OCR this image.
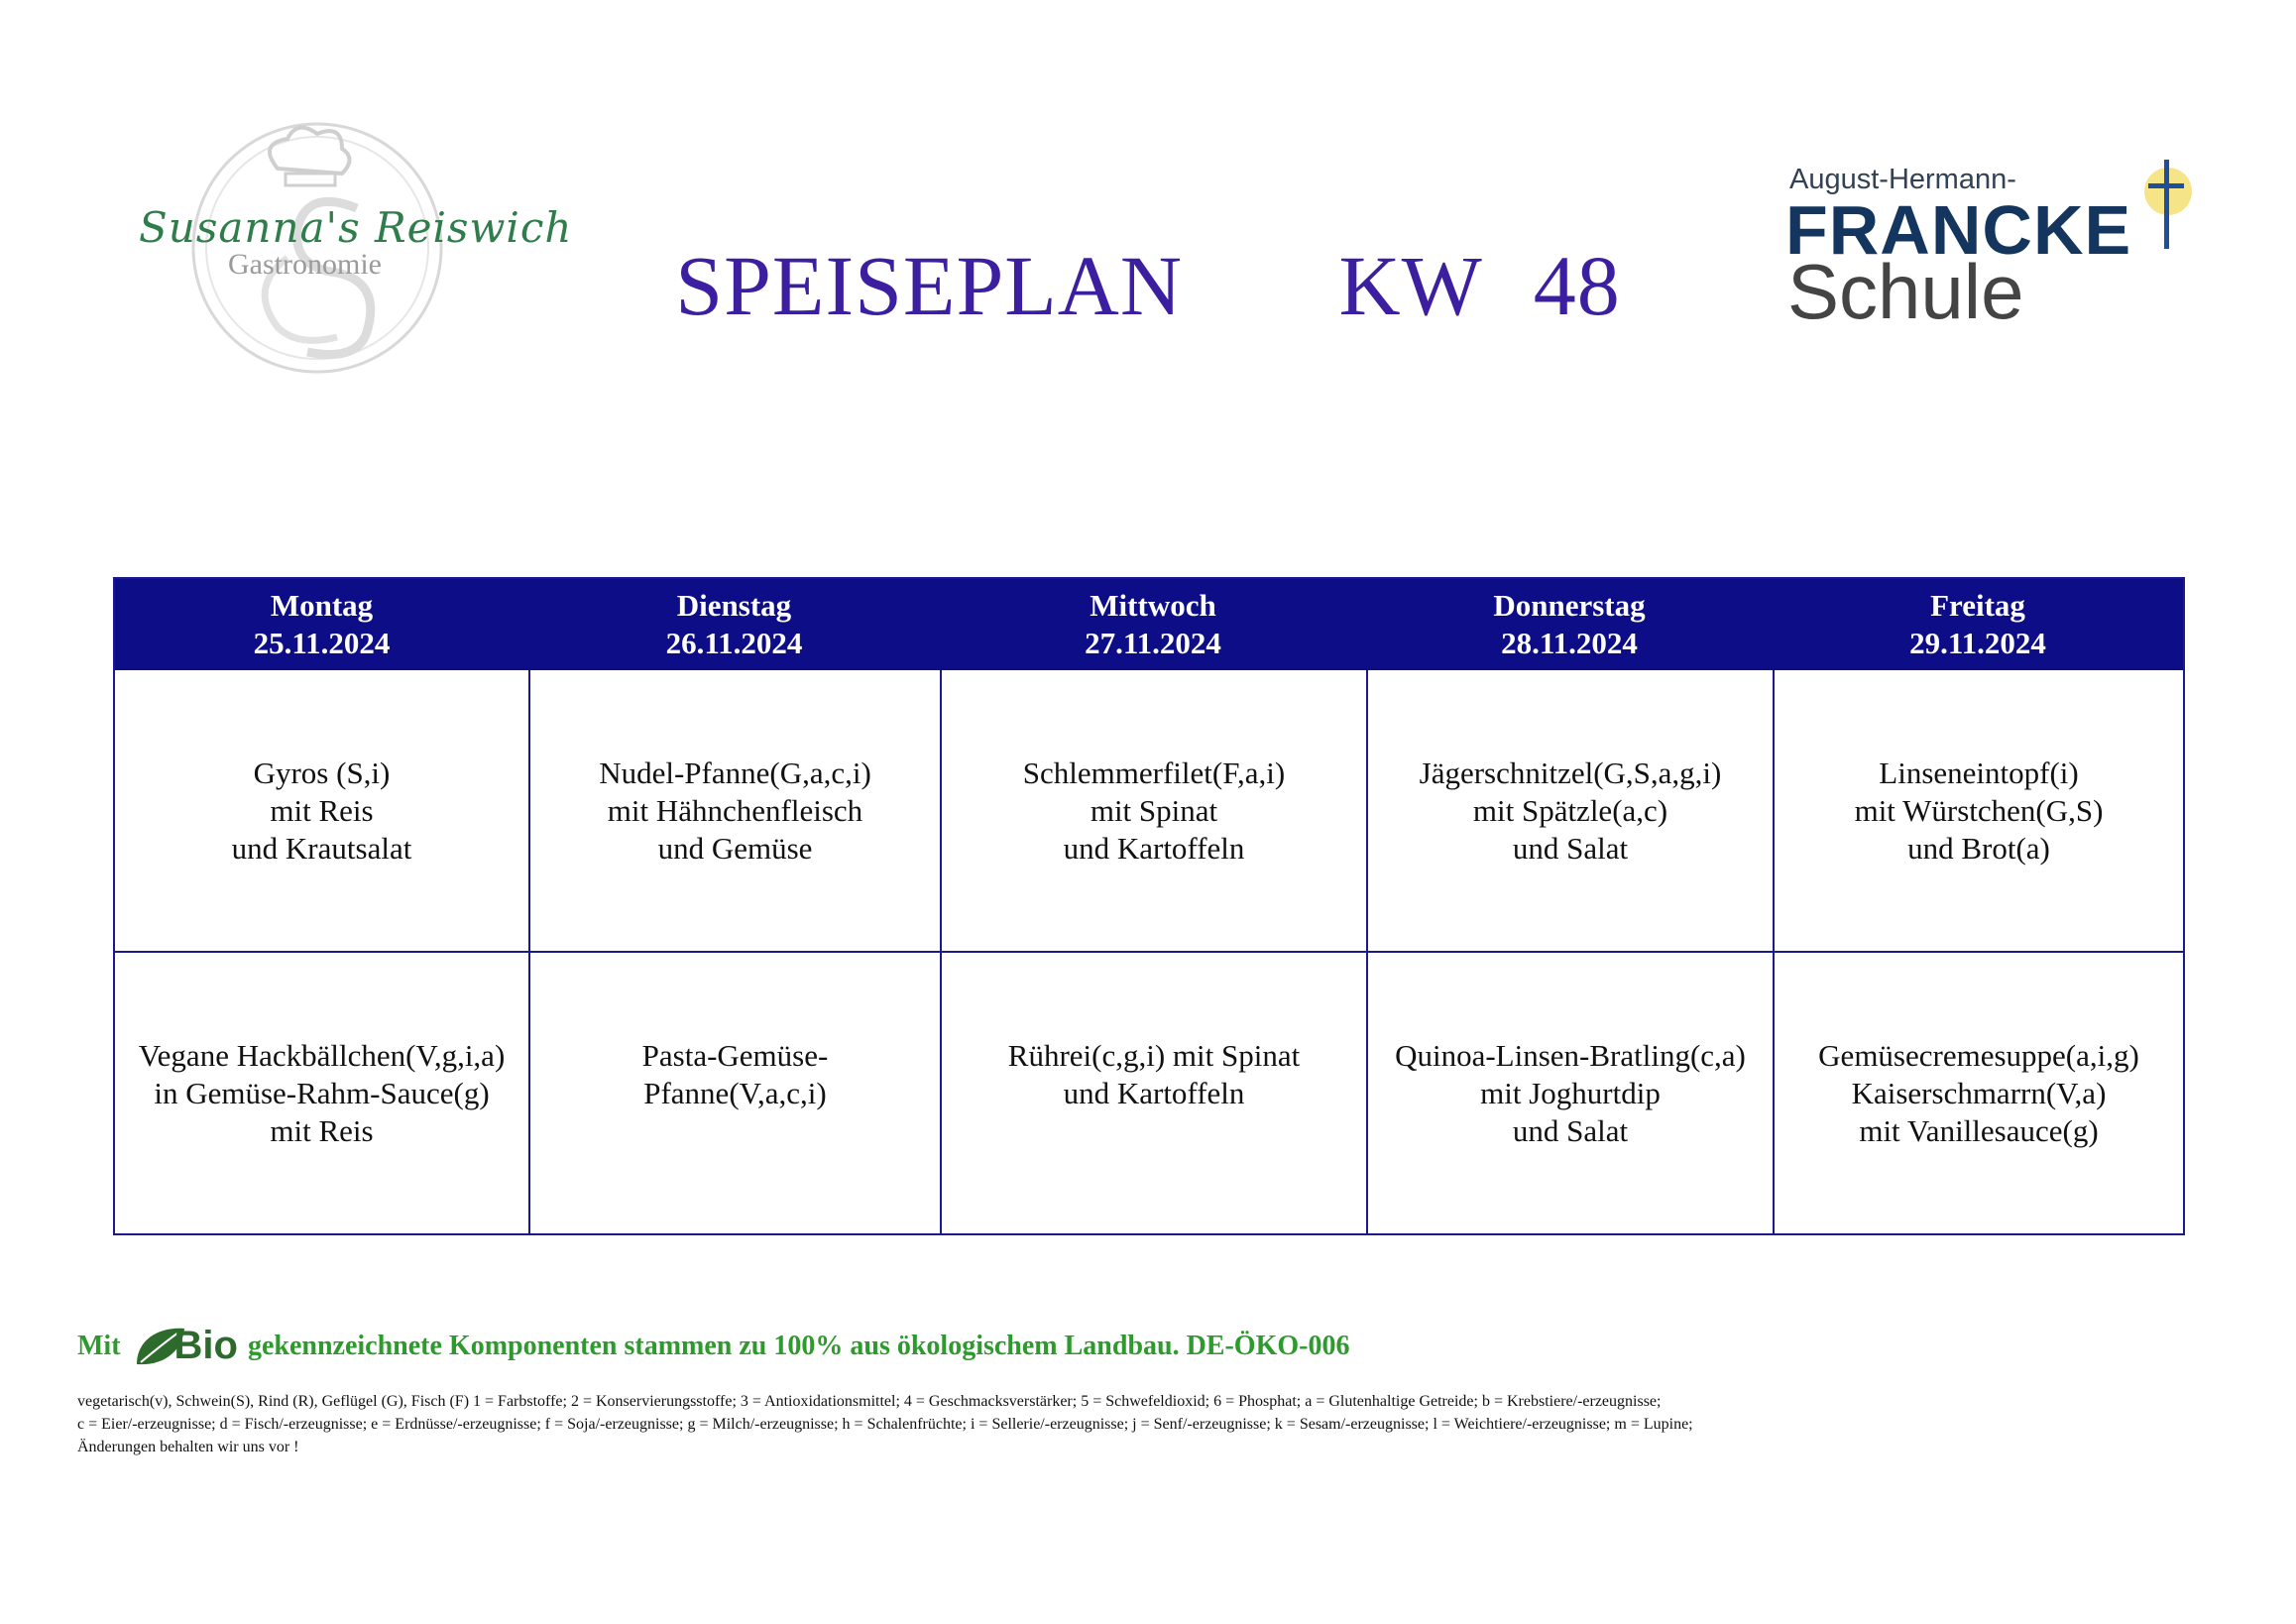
Susanna's Reiswich
Gastronomie	SPEISEPLAN   KW 48
August-Hermann-
FRANCKE
Schule
Montag
25.11.2024
Dienstag
26.11.2024
Mittwoch
27.11.2024
Donnerstag
28.11.2024
Freitag
29.11.2024
Gyros (S,i)
mit Reis
und Krautsalat
Nudel-Pfanne(G,a,c,i)
mit Hähnchenfleisch
und Gemüse
Schlemmerfilet(F,a,i)
mit Spinat
und Kartoffeln
Jägerschnitzel(G,S,a,g,i)
mit Spätzle(a,c)
und Salat
Linseneintopf(i)
mit Würstchen(G,S)
und Brot(a)
Vegane Hackbällchen(V,g,i,a)
in Gemüse-Rahm-Sauce(g)
mit Reis
Pasta-Gemüse-
Pfanne(V,a,c,i)
Rührei(c,g,i) mit Spinat
und Kartoffeln
Quinoa-Linsen-Bratling(c,a)
mit Joghurtdip
und Salat
Gemüsecremesuppe(a,i,g)
Kaiserschmarrn(V,a)
mit Vanillesauce(g)
Mit Bio gekennzeichnete Komponenten stammen zu 100% aus ökologischem Landbau. DE-ÖKO-006
vegetarisch(v), Schwein(S), Rind (R), Geflügel (G), Fisch (F) 1 = Farbstoffe; 2 = Konservierungsstoffe; 3 = Antioxidationsmittel; 4 = Geschmacksverstärker; 5 = Schwefeldioxid; 6 = Phosphat; a = Glutenhaltige Getreide; b = Krebstiere/-erzeugnisse;
c = Eier/-erzeugnisse; d = Fisch/-erzeugnisse; e = Erdnüsse/-erzeugnisse; f = Soja/-erzeugnisse; g = Milch/-erzeugnisse; h = Schalenfrüchte; i = Sellerie/-erzeugnisse; j = Senf/-erzeugnisse; k = Sesam/-erzeugnisse; l = Weichtiere/-erzeugnisse; m = Lupine;
Änderungen behalten wir uns vor !
